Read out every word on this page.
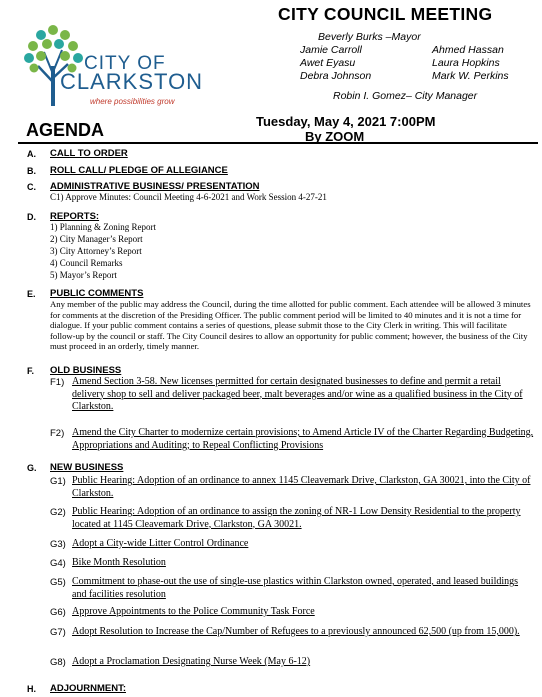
CITY OF
CLARKSTON
where possibilities grow
CITY COUNCIL MEETING
Beverly Burks –Mayor
Jamie Carroll
Awet Eyasu
Debra Johnson
Ahmed Hassan
Laura Hopkins
Mark W. Perkins
Robin I. Gomez– City Manager
AGENDA	Tuesday, May 4, 2021 7:00PM
By ZOOM
A. CALL TO ORDER
B. ROLL CALL/ PLEDGE OF ALLEGIANCE
C. ADMINISTRATIVE BUSINESS/ PRESENTATION
C1) Approve Minutes: Council Meeting 4-6-2021 and Work Session 4-27-21
D. REPORTS:
1) Planning & Zoning Report
2) City Manager’s Report
3) City Attorney’s Report
4) Council Remarks
5) Mayor’s Report
E. PUBLIC COMMENTS
Any member of the public may address the Council, during the time allotted for public comment. Each attendee will be allowed 3 minutes for comments at the discretion of the Presiding Officer. The public comment period will be limited to 40 minutes and it is not a time for dialogue. If your public comment contains a series of questions, please submit those to the City Clerk in writing. This will facilitate follow-up by the council or staff. The City Council desires to allow an opportunity for public comment; however, the business of the City must proceed in an orderly, timely manner.
F. OLD BUSINESS
F1) Amend Section 3-58. New licenses permitted for certain designated businesses to define and permit a retail delivery shop to sell and deliver packaged beer, malt beverages and/or wine as a qualified business in the City of Clarkston.
F2) Amend the City Charter to modernize certain provisions; to Amend Article IV of the Charter Regarding Budgeting, Appropriations and Auditing; to Repeal Conflicting Provisions
G. NEW BUSINESS
G1) Public Hearing: Adoption of an ordinance to annex 1145 Cleavemark Drive, Clarkston, GA 30021, into the City of Clarkston.
G2) Public Hearing: Adoption of an ordinance to assign the zoning of NR-1 Low Density Residential to the property located at 1145 Cleavemark Drive, Clarkston, GA 30021.
G3) Adopt a City-wide Litter Control Ordinance
G4) Bike Month Resolution
G5) Commitment to phase-out the use of single-use plastics within Clarkston owned, operated, and leased buildings and facilities resolution
G6) Approve Appointments to the Police Community Task Force
G7) Adopt Resolution to Increase the Cap/Number of Refugees to a previously announced 62,500 (up from 15,000).
G8) Adopt a Proclamation Designating Nurse Week (May 6-12)
H. ADJOURNMENT:
